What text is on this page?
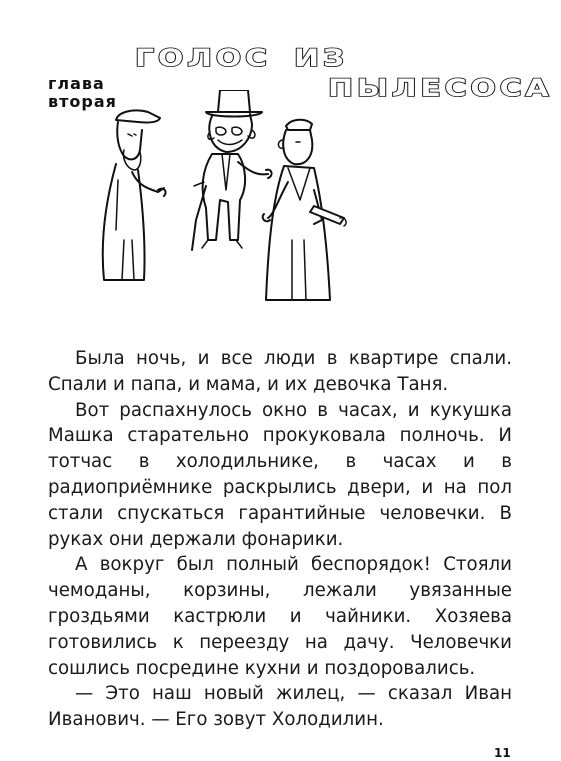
ГОЛОС ИЗ
ПЫЛЕСОСА
глава
вторая

Была ночь, и все люди в квартире спали. Спали и папа, и мама, и их девочка Таня.

Вот распахнулось окно в часах, и кукушка Машка старательно прокуковала полночь. И тотчас в холодильнике, в часах и в радиоприёмнике раскрылись двери, и на пол стали спускаться гарантийные человечки. В руках они держали фонарики.

А вокруг был полный беспорядок! Стояли чемоданы, корзины, лежали увязанные гроздьями кастрюли и чайники. Хозяева готовились к переезду на дачу. Человечки сошлись посредине кухни и поздоровались.

— Это наш новый жилец, — сказал Иван Иванович. — Его зовут Холодилин.

11
